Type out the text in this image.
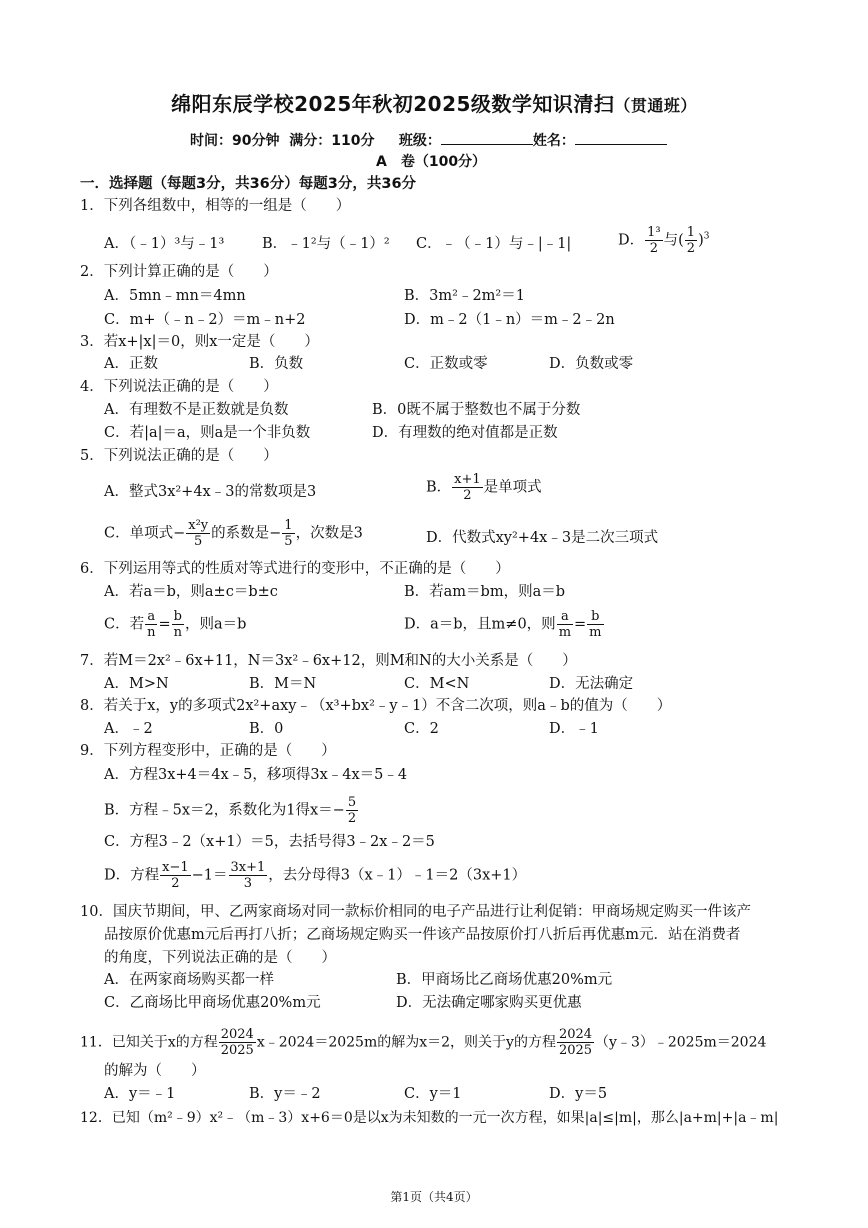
绵阳东辰学校2025年秋初2025级数学知识清扫（贯通班）
时间：90分钟 满分：110分 班级：	姓名：
A　卷（100分）
一．选择题（每题3分，共36分）每题3分，共36分
1．下列各组数中，相等的一组是（　　）
A．（﹣1）³与﹣1³	B．﹣1²与（﹣1）² C．﹣（﹣1）与﹣|﹣1|	D． $\frac{\text{1³}}{2}$ 与( $\frac{1}{2} )^3$
2．下列计算正确的是（　　）
A．5mn﹣mn＝4mn	B．3m²﹣2m²＝1
C．m+（﹣n﹣2）＝m﹣n+2	D．m﹣2（1﹣n）＝m﹣2﹣2n
3．若x+|x|＝0，则x一定是（　　）
A．正数	B．负数	C．正数或零	D．负数或零
4．下列说法正确的是（　　）
A．有理数不是正数就是负数	B．0既不属于整数也不属于分数
C．若|a|＝a，则a是一个非负数	D．有理数的绝对值都是正数
5．下列说法正确的是（　　）
A．整式3x²+4x﹣3的常数项是3	B． $\frac{x+1}{2}$ 是单项式
C．单项式− $\frac{\text{x²y}}{5}$ 的系数是− $\frac{1}{5}$ ，次数是3	D．代数式xy²+4x﹣3是二次三项式
6．下列运用等式的性质对等式进行的变形中，不正确的是（　　）
A．若a＝b，则a±c＝b±c	B．若am＝bm，则a＝b
C．若 $\frac{a}{n} = \frac{b}{n}$ ，则a＝b	D．a＝b，且m≠0，则 $\frac{a}{m} = \frac{b}{m}$
7．若M＝2x²﹣6x+11，N＝3x²﹣6x+12，则M和N的大小关系是（　　）
A．M>N	B．M＝N	C．M<N	D．无法确定
8．若关于x，y的多项式2x²+axy﹣（x³+bx²﹣y﹣1）不含二次项，则a﹣b的值为（　　）
A．﹣2	B．0	C．2	D．﹣1
9．下列方程变形中，正确的是（　　）
A．方程3x+4＝4x﹣5，移项得3x﹣4x＝5﹣4
B．方程﹣5x＝2，系数化为1得$x=- \frac{5}{2}$
C．方程3﹣2（x+1）＝5，去括号得3﹣2x﹣2＝5
D．方程 $\frac{x-1}{2} -1= \frac{3x+1}{3}$ ，去分母得3（x﹣1）﹣1＝2（3x+1）
10．国庆节期间，甲、乙两家商场对同一款标价相同的电子产品进行让利促销：甲商场规定购买一件该产
品按原价优惠m元后再打八折；乙商场规定购买一件该产品按原价打八折后再优惠m元．站在消费者
的角度，下列说法正确的是（　　）
A．在两家商场购买都一样	B．甲商场比乙商场优惠20%m元
C．乙商场比甲商场优惠20%m元	D．无法确定哪家购买更优惠
11．已知关于x的方程 $\frac{2024}{2025}$ x﹣2024＝2025m的解为x＝2，则关于y的方程 $\frac{2024}{2025}$ （y﹣3）﹣2025m＝2024
的解为（　　）
A．y＝﹣1	B．y＝﹣2	C．y＝1	D．y＝5
12．已知（m²﹣9）x²﹣（m﹣3）x+6＝0是以x为未知数的一元一次方程，如果|a|≤|m|，那么|a+m|+|a﹣m|
第1页（共4页）
